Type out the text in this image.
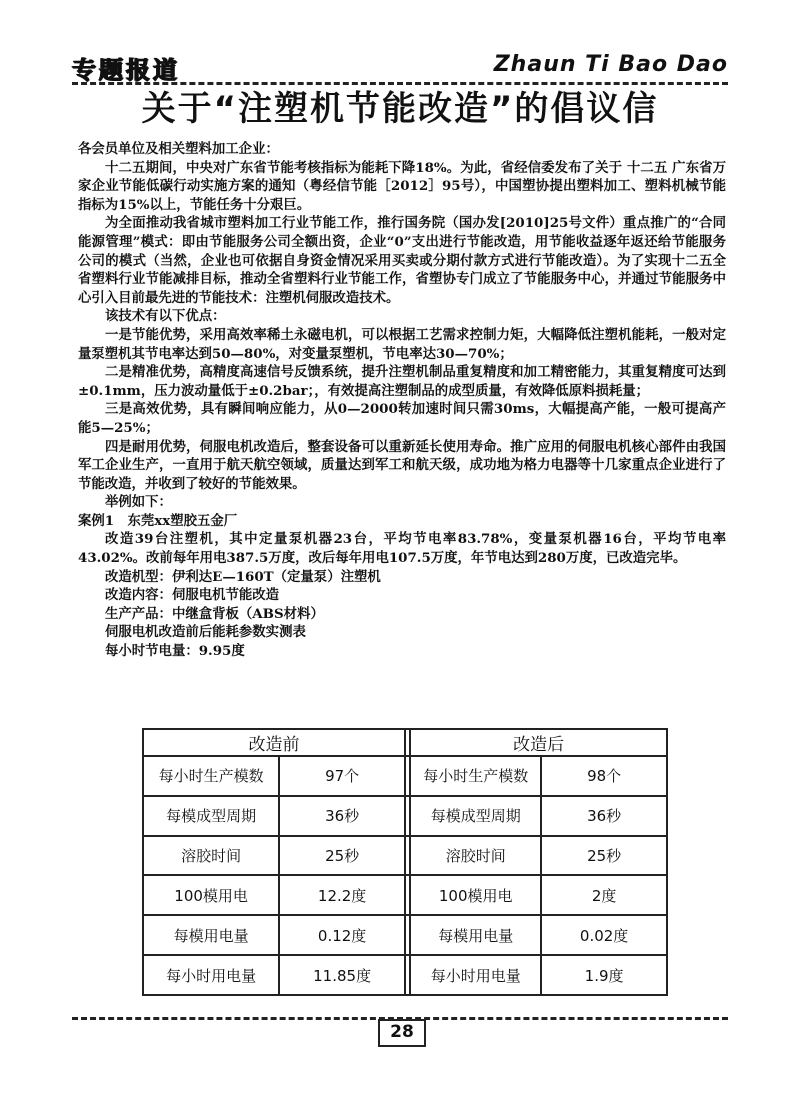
专题报道	Zhaun Ti Bao Dao
关于“注塑机节能改造”的倡议信

各会员单位及相关塑料加工企业：

十二五期间，中央对广东省节能考核指标为能耗下降18%。为此，省经信委发布了关于 十二五 广东省万家企业节能低碳行动实施方案的通知（粤经信节能［2012］95号），中国塑协提出塑料加工、塑料机械节能指标为15%以上，节能任务十分艰巨。

为全面推动我省城市塑料加工行业节能工作，推行国务院（国办发[2010]25号文件）重点推广的“合同能源管理”模式：即由节能服务公司全额出资，企业“0”支出进行节能改造，用节能收益逐年返还给节能服务公司的模式（当然，企业也可依据自身资金情况采用买卖或分期付款方式进行节能改造）。为了实现十二五全省塑料行业节能减排目标，推动全省塑料行业节能工作，省塑协专门成立了节能服务中心，并通过节能服务中心引入目前最先进的节能技术：注塑机伺服改造技术。

该技术有以下优点：

一是节能优势，采用高效率稀土永磁电机，可以根据工艺需求控制力矩，大幅降低注塑机能耗，一般对定量泵塑机其节电率达到50—80%，对变量泵塑机，节电率达30—70%；

二是精准优势，高精度高速信号反馈系统，提升注塑机制品重复精度和加工精密能力，其重复精度可达到±0.1mm，压力波动量低于±0.2bar；，有效提高注塑制品的成型质量，有效降低原料损耗量；

三是高效优势，具有瞬间响应能力，从0—2000转加速时间只需30ms，大幅提高产能，一般可提高产能5—25%；

四是耐用优势，伺服电机改造后，整套设备可以重新延长使用寿命。推广应用的伺服电机核心部件由我国军工企业生产，一直用于航天航空领域，质量达到军工和航天级，成功地为格力电器等十几家重点企业进行了节能改造，并收到了较好的节能效果。

举例如下：

案例1　东莞xx塑胶五金厂

改造39台注塑机，其中定量泵机器23台，平均节电率83.78%，变量泵机器16台，平均节电率43.02%。改前每年用电387.5万度，改后每年用电107.5万度，年节电达到280万度，已改造完毕。

改造机型：伊利达E—160T（定量泵）注塑机

改造内容：伺服电机节能改造

生产产品：中继盒背板（ABS材料）

伺服电机改造前后能耗参数实测表

每小时节电量：9.95度

改造前			改造后	
每小时生产模数	97个		每小时生产模数	98个
每模成型周期	36秒		每模成型周期	36秒
溶胶时间	25秒		溶胶时间	25秒
100模用电	12.2度		100模用电	2度
每模用电量	0.12度		每模用电量	0.02度
每小时用电量	11.85度		每小时用电量	1.9度
28
